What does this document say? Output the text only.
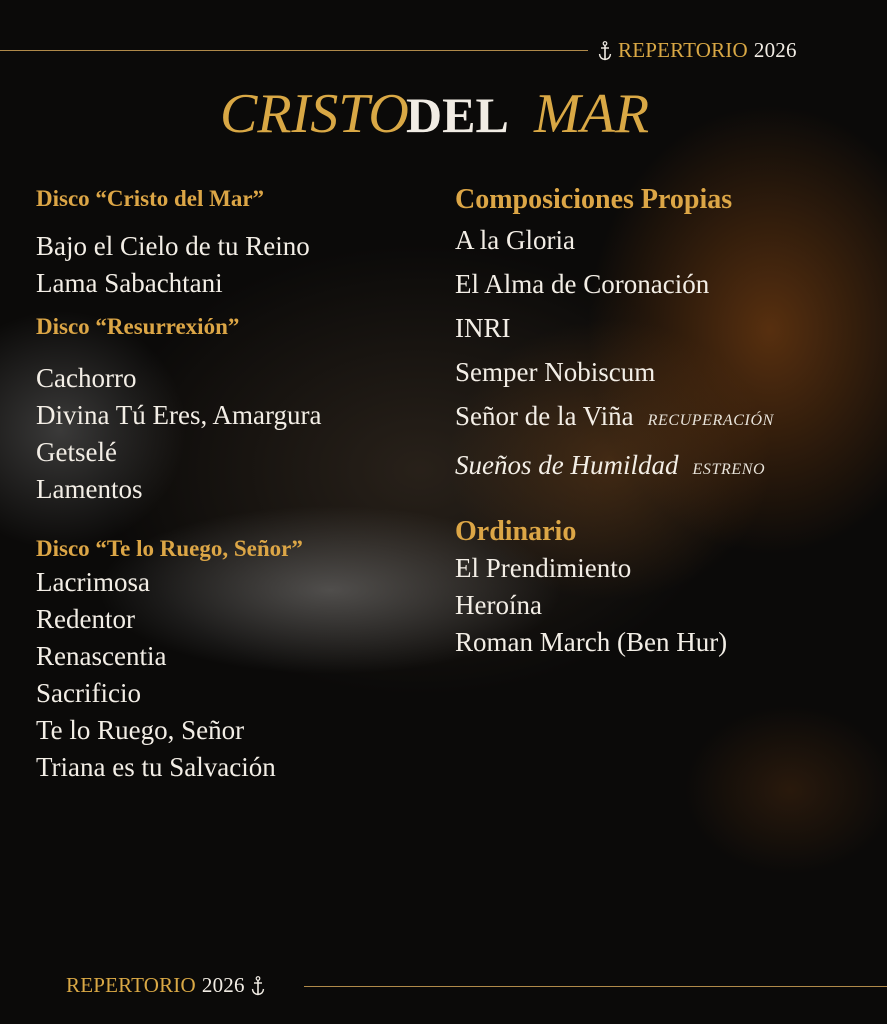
REPERTORIO 2026
CRISTO
DEL MAR
Disco “Cristo del Mar”
Bajo el Cielo de tu Reino
Lama Sabachtani
Disco “Resurrexión”
Cachorro
Divina Tú Eres, Amargura
Getselé
Lamentos
Disco “Te lo Ruego, Señor”
Lacrimosa
Redentor
Renascentia
Sacrificio
Te lo Ruego, Señor
Triana es tu Salvación
Composiciones Propias
A la Gloria
El Alma de Coronación
INRI
Semper Nobiscum
Señor de la Viña RECUPERACIÓN
Sueños de Humildad ESTRENO
Ordinario
El Prendimiento
Heroína
Roman March (Ben Hur)
REPERTORIO 2026
